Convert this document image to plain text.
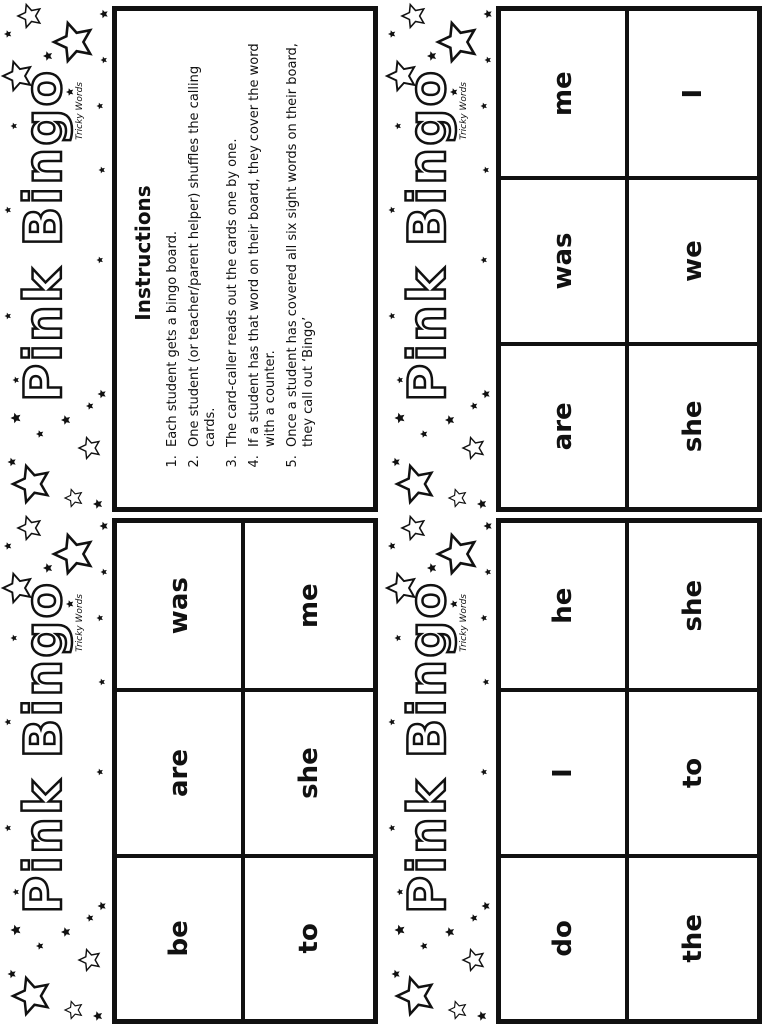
Pink Bingo Tricky Words
be
are
was
to
she
me
Pink Bingo Tricky Words
Instructions 1. Each student gets a bingo board. 2. One student (or teacher/parent helper) shuffles the calling cards. 3. The card-caller reads out the cards one by one. 4. If a student has that word on their board, they cover the word with a counter. 5. Once a student has covered all six sight words on their board, they call out ‘Bingo’
Pink Bingo Tricky Words
do
I
he
the
to
she
Pink Bingo Tricky Words
are
was
me
she
we
I
